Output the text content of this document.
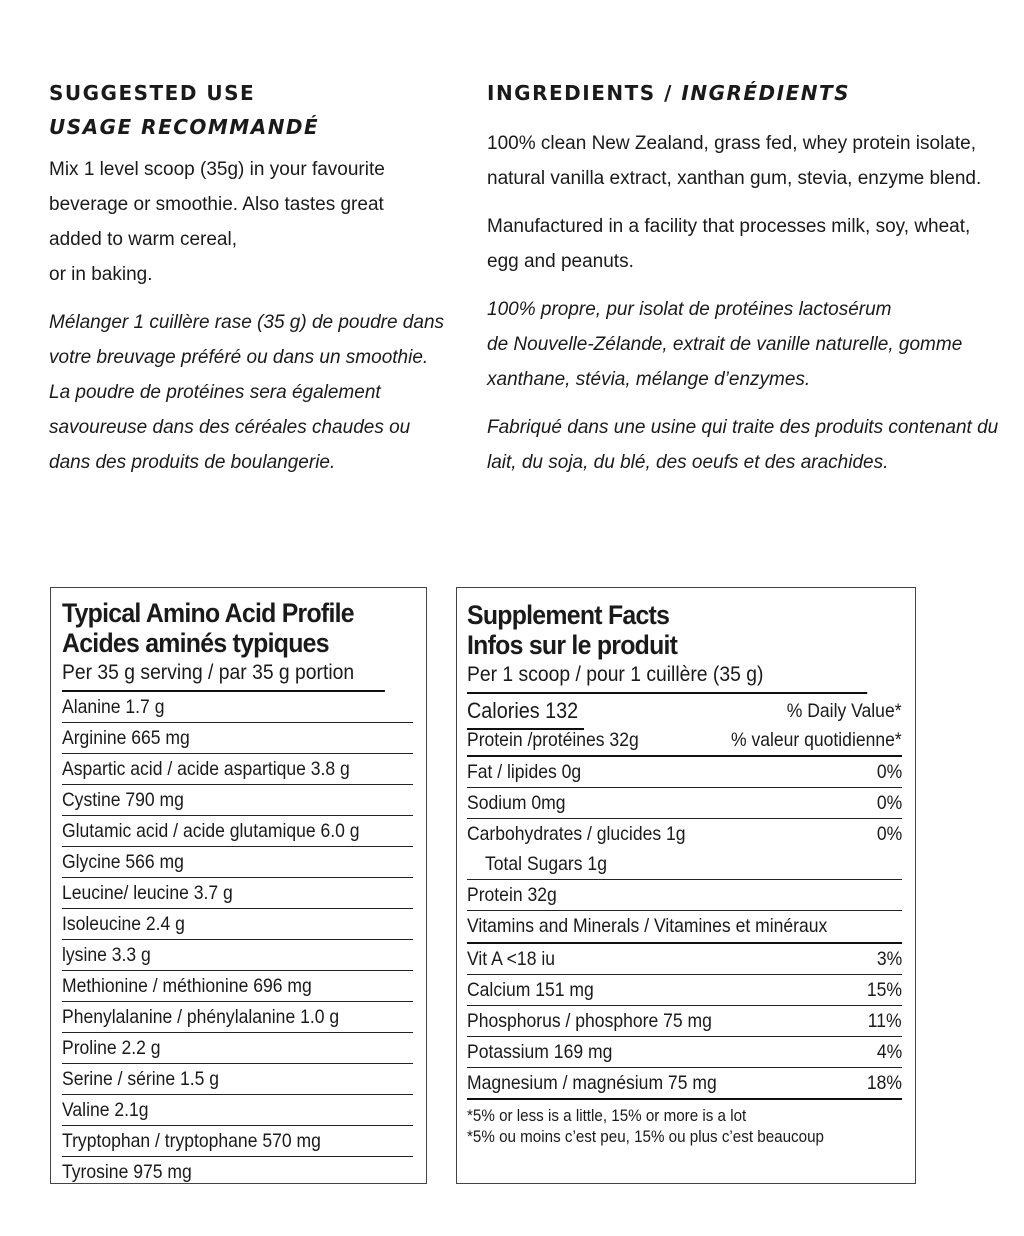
SUGGESTED USE
USAGE RECOMMANDÉ
Mix 1 level scoop (35g) in your favourite
beverage or smoothie. Also tastes great
added to warm cereal,
or in baking.
Mélanger 1 cuillère rase (35 g) de poudre dans
votre breuvage préféré ou dans un smoothie.
La poudre de protéines sera également
savoureuse dans des céréales chaudes ou
dans des produits de boulangerie.
INGREDIENTS / INGRÉDIENTS
100% clean New Zealand, grass fed, whey protein isolate,
natural vanilla extract, xanthan gum, stevia, enzyme blend.
Manufactured in a facility that processes milk, soy, wheat,
egg and peanuts.
100% propre, pur isolat de protéines lactosérum
de Nouvelle-Zélande, extrait de vanille naturelle, gomme
xanthane, stévia, mélange d’enzymes.
Fabriqué dans une usine qui traite des produits contenant du
lait, du soja, du blé, des oeufs et des arachides.
Typical Amino Acid Profile
Acides aminés typiques
Per 35 g serving / par 35 g portion
Alanine 1.7 g
Arginine 665 mg
Aspartic acid / acide aspartique 3.8 g
Cystine 790 mg
Glutamic acid / acide glutamique 6.0 g
Glycine 566 mg
Leucine/ leucine 3.7 g
Isoleucine 2.4 g
lysine 3.3 g
Methionine / méthionine 696 mg
Phenylalanine / phénylalanine 1.0 g
Proline 2.2 g
Serine / sérine 1.5 g
Valine 2.1g
Tryptophan / tryptophane 570 mg
Tyrosine 975 mg
Supplement Facts
Infos sur le produit
Per 1 scoop / pour 1 cuillère (35 g)
Calories 132	% Daily Value*
Protein /protéines 32g	% valeur quotidienne*
Fat / lipides 0g	0%
Sodium 0mg	0%
Carbohydrates / glucides 1g	0%
Total Sugars 1g
Protein 32g
Vitamins and Minerals / Vitamines et minéraux
Vit A <18 iu	3%
Calcium 151 mg	15%
Phosphorus / phosphore 75 mg	11%
Potassium 169 mg	4%
Magnesium / magnésium 75 mg	18%
*5% or less is a little, 15% or more is a lot
*5% ou moins c’est peu, 15% ou plus c’est beaucoup
